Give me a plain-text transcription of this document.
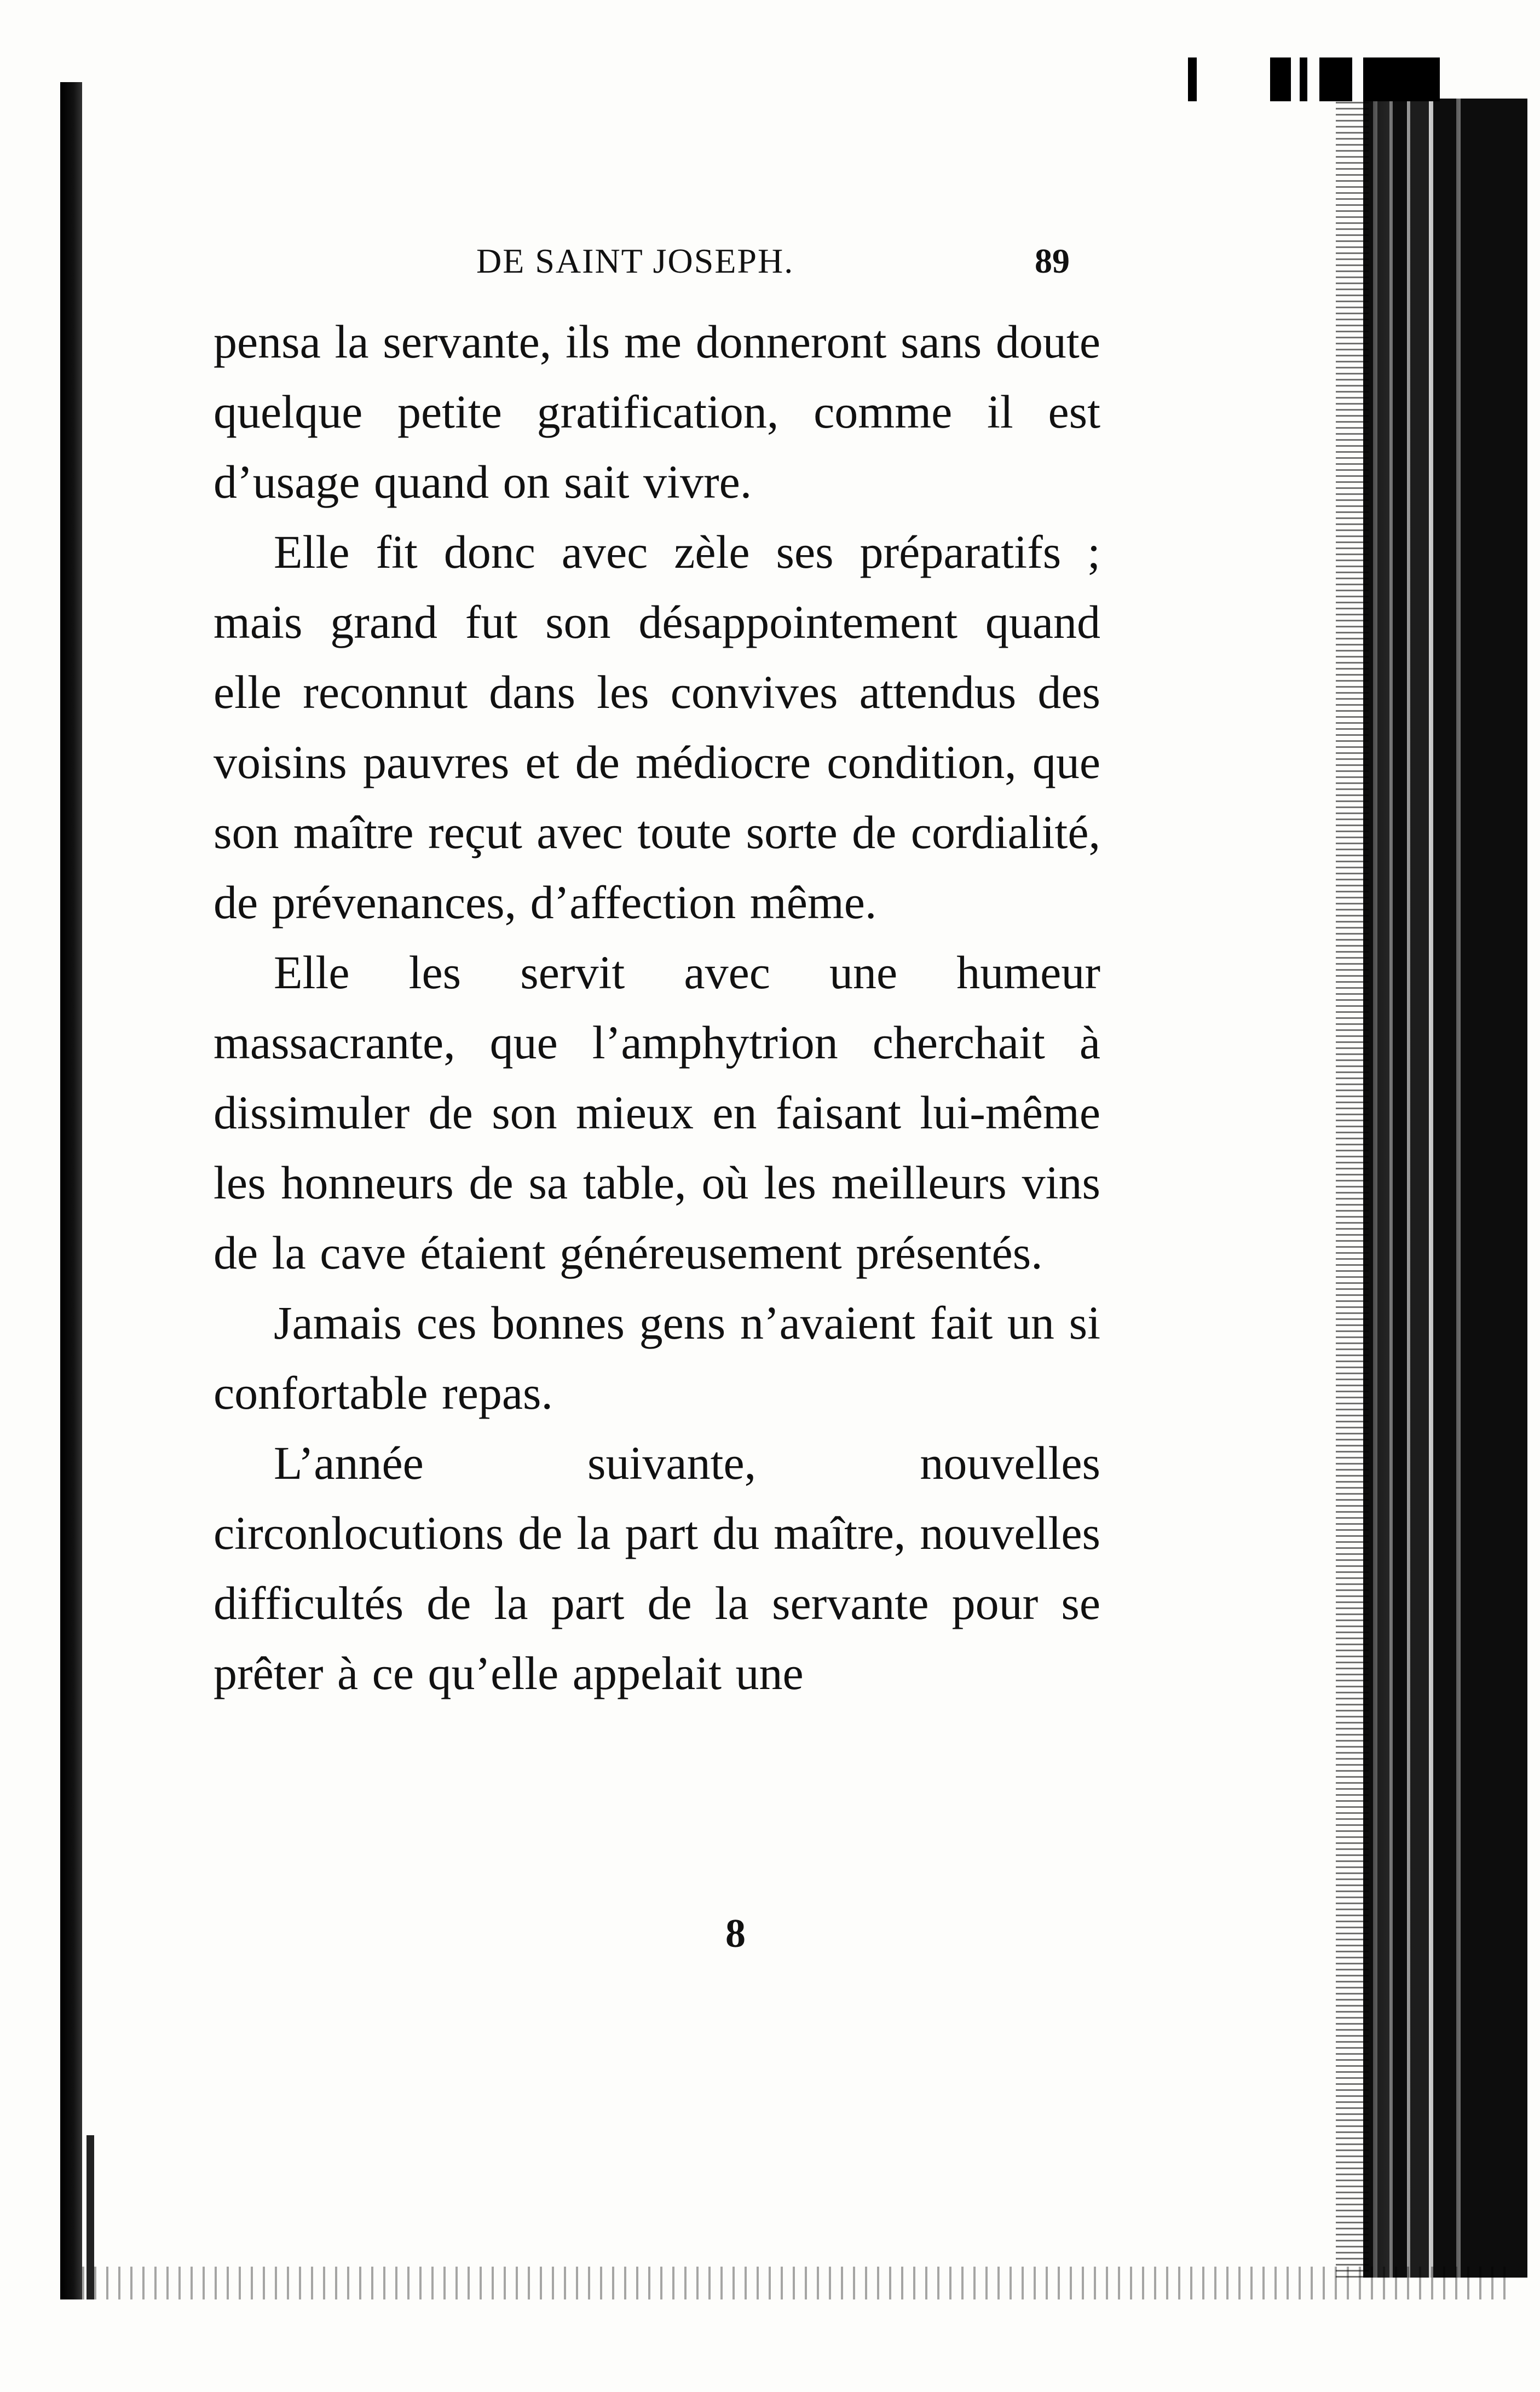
DE SAINT JOSEPH.	89

pensa la servante, ils me donneront sans doute quelque petite gratification, comme il est d’usage quand on sait vivre.

Elle fit donc avec zèle ses préparatifs ; mais grand fut son désappointement quand elle reconnut dans les convives attendus des voisins pauvres et de médiocre condition, que son maître reçut avec toute sorte de cordialité, de prévenances, d’affection même.

Elle les servit avec une humeur massacrante, que l’amphytrion cherchait à dissimuler de son mieux en faisant lui-même les honneurs de sa table, où les meilleurs vins de la cave étaient généreusement présentés.

Jamais ces bonnes gens n’avaient fait un si confortable repas.

L’année suivante, nouvelles circonlocutions de la part du maître, nouvelles difficultés de la part de la servante pour se prêter à ce qu’elle appelait une

8
